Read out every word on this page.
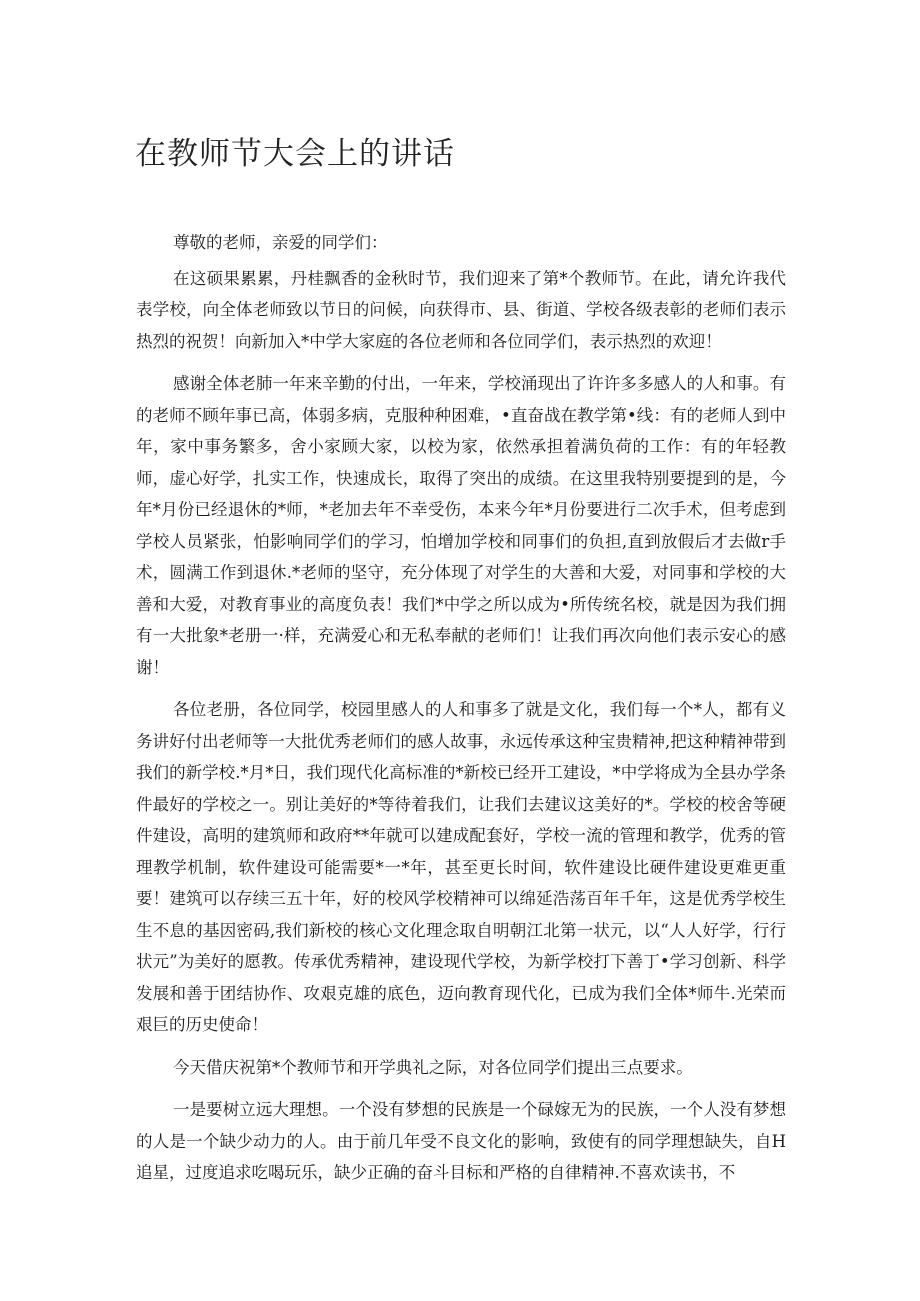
在教师节大会上的讲话

尊敬的老师，亲爱的同学们：

在这硕果累累，丹桂飘香的金秋时节，我们迎来了第*个教师节。在此，请允许我代表学校，向全体老师致以节日的问候，向获得市、县、街道、学校各级表彰的老师们表示热烈的祝贺！向新加入*中学大家庭的各位老师和各位同学们，表示热烈的欢迎！

感谢全体老肺一年来辛勤的付出，一年来，学校涌现出了许许多多感人的人和事。有的老师不顾年事已高，体弱多病，克服种种困难，•直奋战在教学第•线：有的老师人到中年，家中事务繁多，舍小家顾大家，以校为家，依然承担着满负荷的工作：有的年轻教师，虚心好学，扎实工作，快速成长，取得了突出的成绩。在这里我特别要提到的是，今年*月份已经退休的*师，*老加去年不幸受伤，本来今年*月份要进行二次手术，但考虑到学校人员紧张，怕影响同学们的学习，怕增加学校和同事们的负担,直到放假后才去做r手术，圆满工作到退休.*老师的坚守，充分体现了对学生的大善和大爱，对同事和学校的大善和大爱，对教育事业的高度负表！我们*中学之所以成为•所传统名校，就是因为我们拥有一大批象*老册一·样，充满爱心和无私奉献的老师们！让我们再次向他们表示安心的感谢！

各位老册，各位同学，校园里感人的人和事多了就是文化，我们每一个*人，都有义务讲好付出老师等一大批优秀老师们的感人故事，永远传承这种宝贵精神,把这种精神带到我们的新学校.*月*日，我们现代化高标准的*新校已经开工建设，*中学将成为全县办学条件最好的学校之一。别让美好的*等待着我们，让我们去建议这美好的*。学校的校舍等硬件建设，高明的建筑师和政府**年就可以建成配套好，学校一流的管理和教学，优秀的管理教学机制，软件建设可能需要*一*年，甚至更长时间，软件建设比硬件建设更难更重要！建筑可以存续三五十年，好的校风学校精神可以绵延浩荡百年千年，这是优秀学校生生不息的基因密码,我们新校的核心文化理念取自明朝江北第一状元，以“人人好学，行行状元”为美好的愿教。传承优秀精神，建设现代学校，为新学校打下善丁•学习创新、科学发展和善于团结协作、攻艰克雄的底色，迈向教育现代化，已成为我们全体*师牛.光荣而艰巨的历史使命！

今天借庆祝第*个教师节和开学典礼之际，对各位同学们提出三点要求。

一是要树立远大理想。一个没有梦想的民族是一个碌嫁无为的民族，一个人没有梦想的人是一个缺少动力的人。由于前几年受不良文化的影响，致使有的同学理想缺失，自H追星，过度追求吃喝玩乐，缺少正确的奋斗目标和严格的自律精神.不喜欢读书，不
